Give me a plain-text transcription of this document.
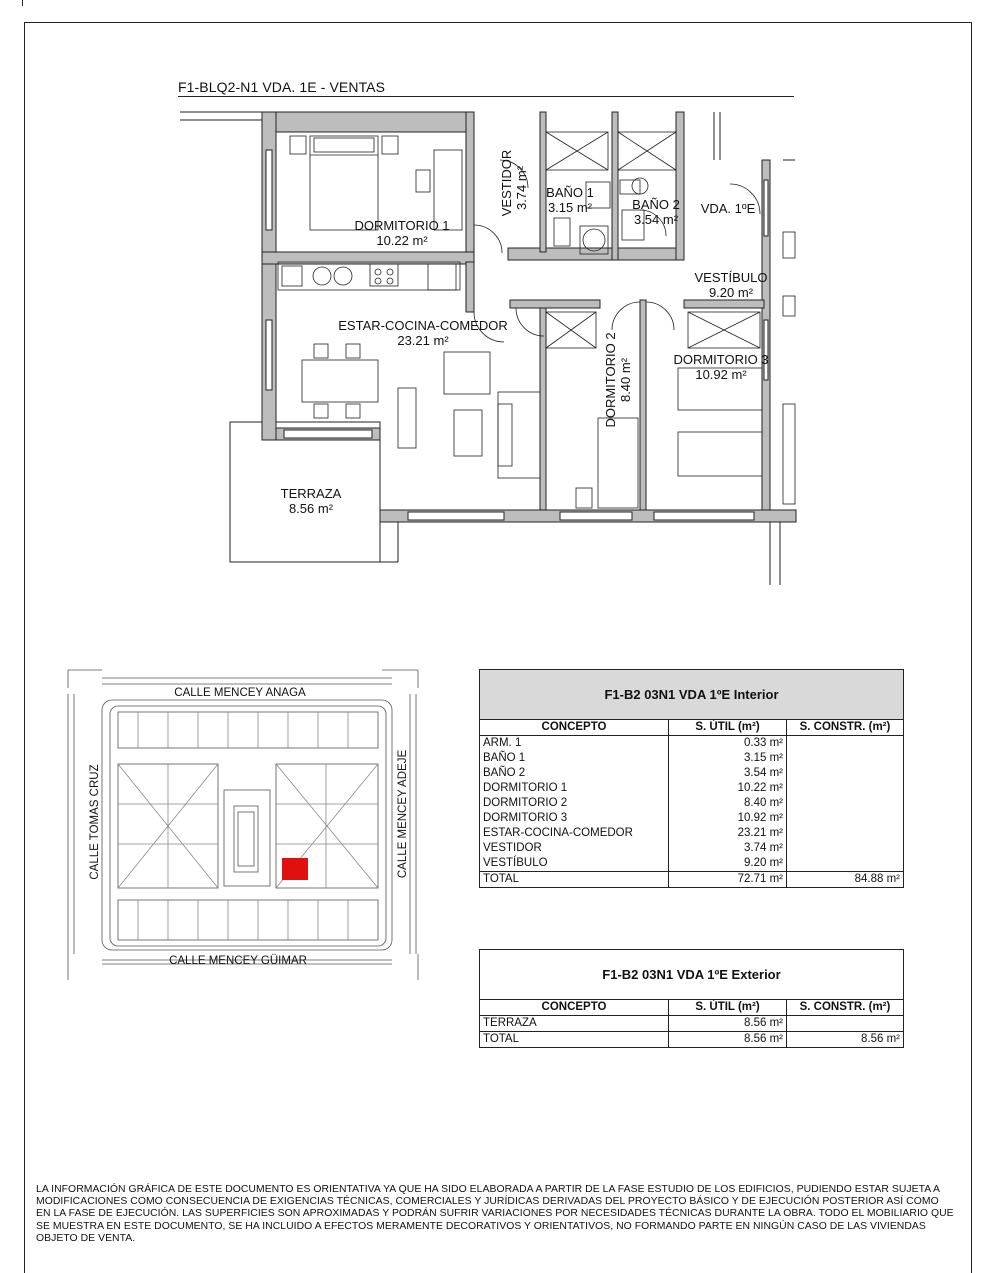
F1-BLQ2-N1 VDA. 1E - VENTAS
DORMITORIO 1
10.22 m²
BAÑO 1
3.15 m²	BAÑO 2
3.54 m²
VDA. 1ºE
VESTÍBULO
9.20 m²
ESTAR-COCINA-COMEDOR
23.21 m²
DORMITORIO 3
10.92 m²
TERRAZA
8.56 m²
VESTIDOR 3.74 m²
DORMITORIO 2 8.40 m²
CALLE MENCEY ANAGA
CALLE MENCEY GÜIMAR
CALLE TOMAS CRUZ	CALLE MENCEY ADEJE
F1-B2 03N1 VDA 1ºE Interior		
CONCEPTO	S. ÚTIL (m²)	S. CONSTR. (m²)
ARM. 1	0.33 m²	
BAÑO 1	3.15 m²	
BAÑO 2	3.54 m²	
DORMITORIO 1	10.22 m²	
DORMITORIO 2	8.40 m²	
DORMITORIO 3	10.92 m²	
ESTAR-COCINA-COMEDOR	23.21 m²	
VESTIDOR	3.74 m²	
VESTÍBULO	9.20 m²	
TOTAL	72.71 m²	84.88 m²
F1-B2 03N1 VDA 1ºE Exterior		
CONCEPTO	S. ÚTIL (m²)	S. CONSTR. (m²)
TERRAZA	8.56 m²	
TOTAL	8.56 m²	8.56 m²
LA INFORMACIÓN GRÁFICA DE ESTE DOCUMENTO ES ORIENTATIVA YA QUE HA SIDO ELABORADA A PARTIR DE LA FASE ESTUDIO DE LOS EDIFICIOS, PUDIENDO ESTAR SUJETA A MODIFICACIONES COMO CONSECUENCIA DE EXIGENCIAS TÉCNICAS, COMERCIALES Y JURÍDICAS DERIVADAS DEL PROYECTO BÁSICO Y DE EJECUCIÓN POSTERIOR ASÍ COMO EN LA FASE DE EJECUCIÓN. LAS SUPERFICIES SON APROXIMADAS Y PODRÁN SUFRIR VARIACIONES POR NECESIDADES TÉCNICAS DURANTE LA OBRA. TODO EL MOBILIARIO QUE SE MUESTRA EN ESTE DOCUMENTO, SE HA INCLUIDO A EFECTOS MERAMENTE DECORATIVOS Y ORIENTATIVOS, NO FORMANDO PARTE EN NINGÚN CASO DE LAS VIVIENDAS OBJETO DE VENTA.
